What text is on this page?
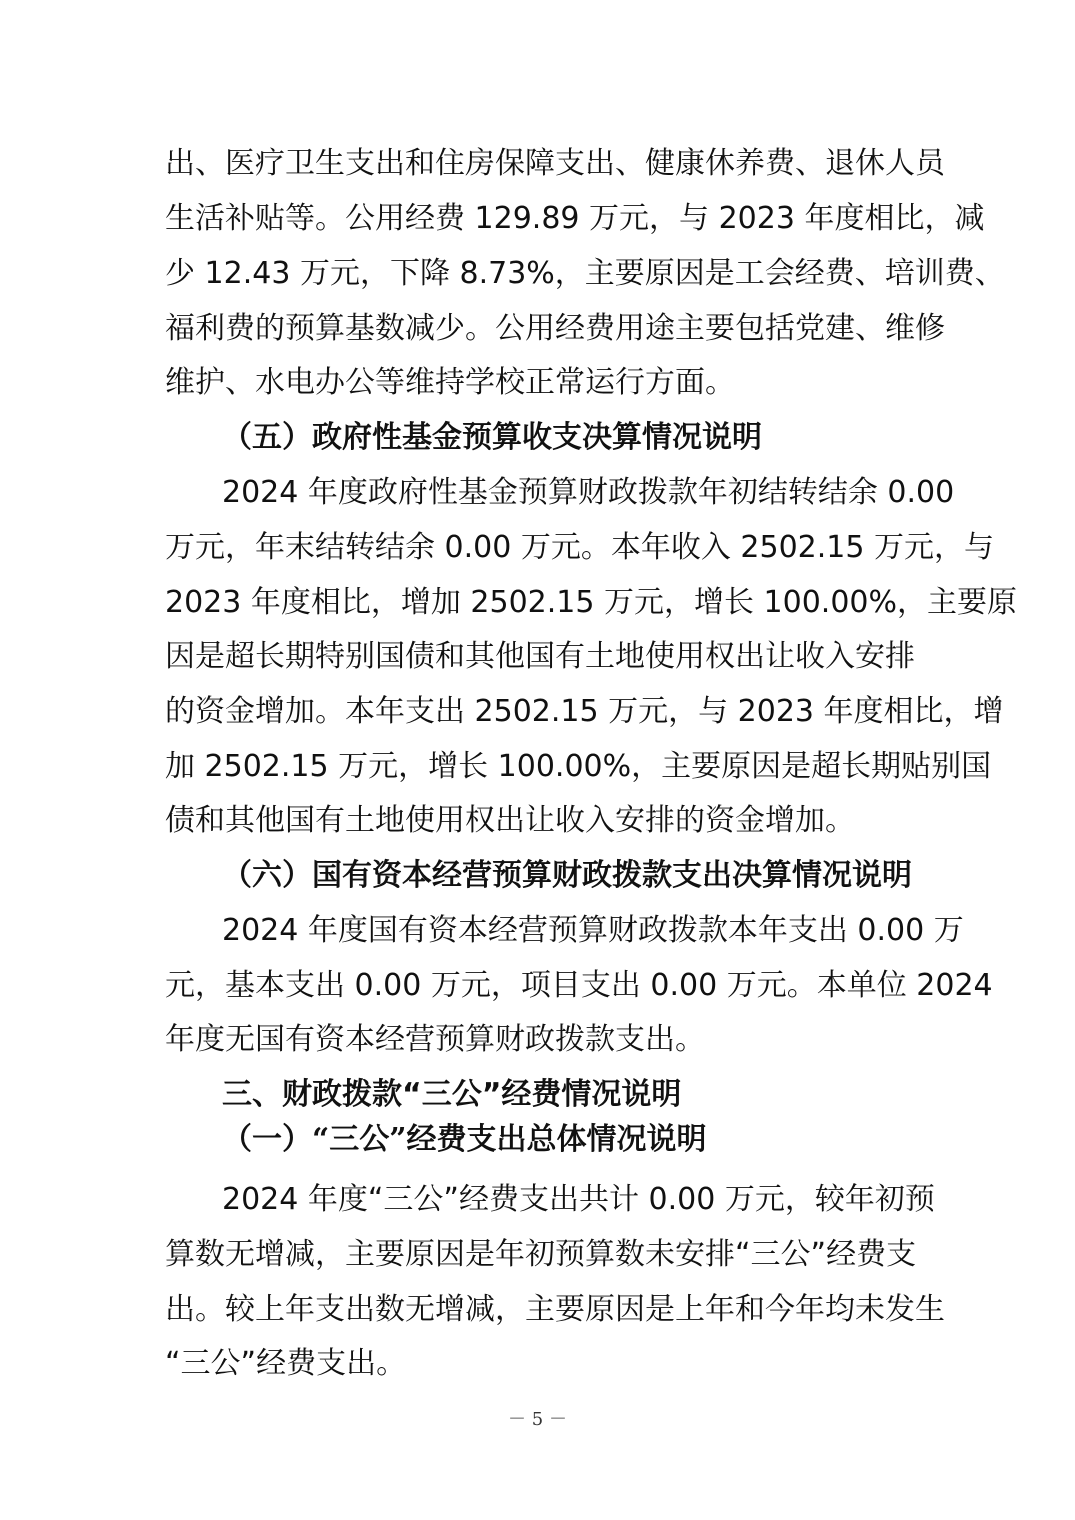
出、医疗卫生支出和住房保障支出、健康休养费、退休人员
生活补贴等。公用经费 129.89 万元，与 2023 年度相比，减
少 12.43 万元，下降 8.73%，主要原因是工会经费、培训费、
福利费的预算基数减少。公用经费用途主要包括党建、维修
维护、水电办公等维持学校正常运行方面。
（五）政府性基金预算收支决算情况说明
2024 年度政府性基金预算财政拨款年初结转结余 0.00
万元，年末结转结余 0.00 万元。本年收入 2502.15 万元，与
2023 年度相比，增加 2502.15 万元，增长 100.00%，主要原
因是超长期特别国债和其他国有土地使用权出让收入安排
的资金增加。本年支出 2502.15 万元，与 2023 年度相比，增
加 2502.15 万元，增长 100.00%，主要原因是超长期贴别国
债和其他国有土地使用权出让收入安排的资金增加。
（六）国有资本经营预算财政拨款支出决算情况说明
2024 年度国有资本经营预算财政拨款本年支出 0.00 万
元，基本支出 0.00 万元，项目支出 0.00 万元。本单位 2024
年度无国有资本经营预算财政拨款支出。
三、财政拨款“三公”经费情况说明
（一）“三公”经费支出总体情况说明
2024 年度“三公”经费支出共计 0.00 万元，较年初预
算数无增减，主要原因是年初预算数未安排“三公”经费支
出。较上年支出数无增减，主要原因是上年和今年均未发生
“三公”经费支出。
－ 5 －
